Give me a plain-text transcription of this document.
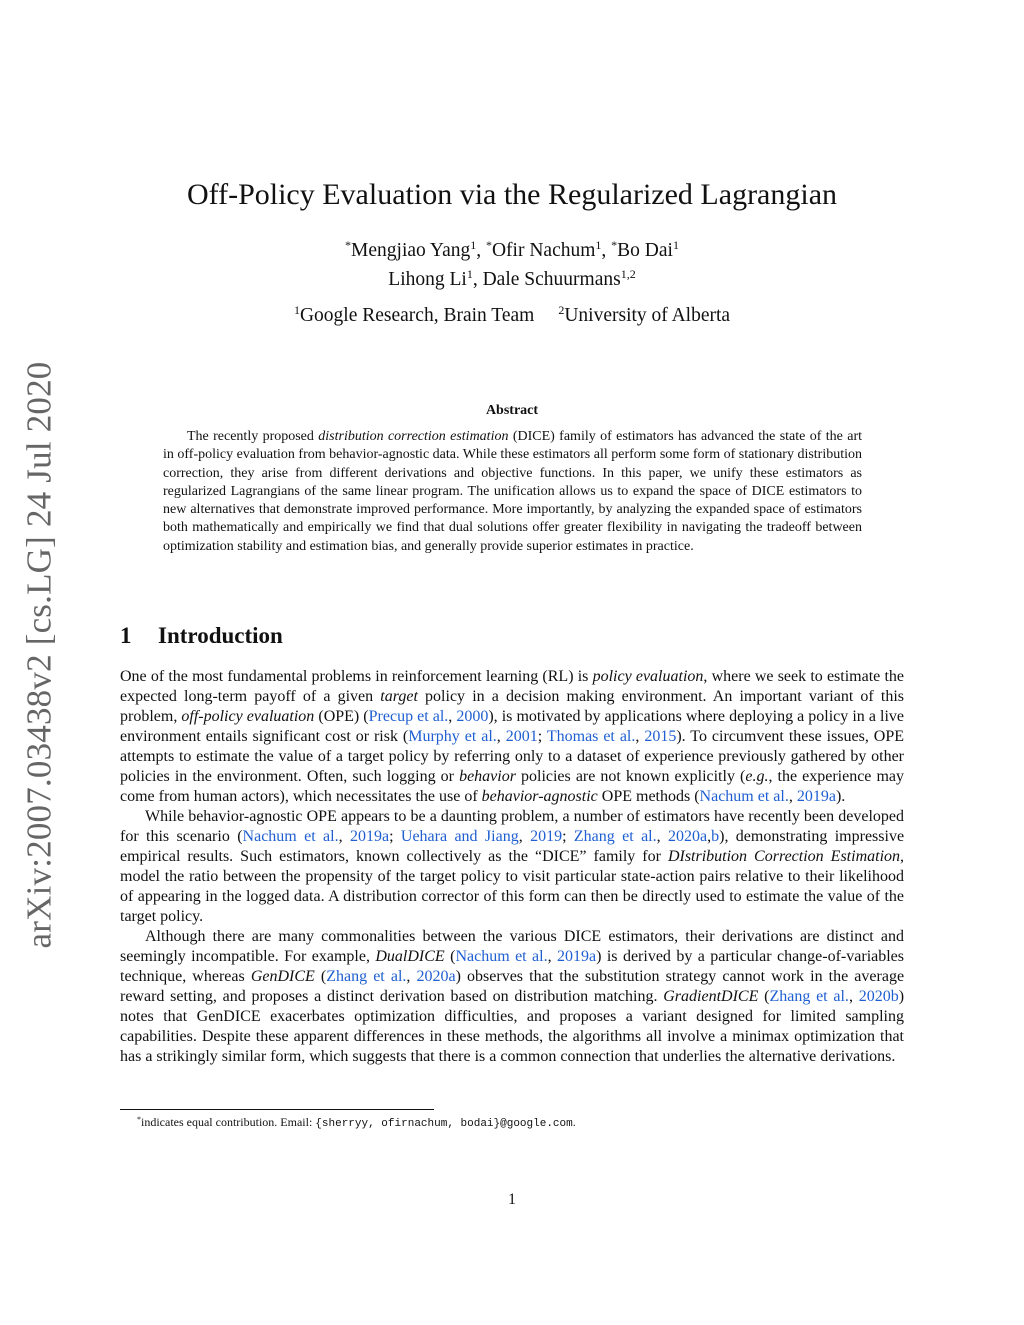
arXiv:2007.03438v2 [cs.LG] 24 Jul 2020
Off-Policy Evaluation via the Regularized Lagrangian
*Mengjiao Yang$^1$, *Ofir Nachum$^1$, *Bo Dai$^1$
Lihong Li$^1$, Dale Schuurmans$^{1,2}$
$^1$Google Research, Brain Team $^2$University of Alberta
Abstract

The recently proposed distribution correction estimation (DICE) family of estimators has advanced the state of the art in off-policy evaluation from behavior-agnostic data. While these estimators all perform some form of stationary distribution correction, they arise from different derivations and objective functions. In this paper, we unify these estimators as regularized Lagrangians of the same linear program. The unification allows us to expand the space of DICE estimators to new alternatives that demonstrate improved performance. More importantly, by analyzing the expanded space of estimators both mathematically and empirically we find that dual solutions offer greater flexibility in navigating the tradeoff between optimization stability and estimation bias, and generally provide superior estimates in practice.

1 Introduction

One of the most fundamental problems in reinforcement learning (RL) is policy evaluation, where we seek to estimate the expected long-term payoff of a given target policy in a decision making environment. An important variant of this problem, off-policy evaluation (OPE) (Precup et al., 2000), is motivated by applications where deploying a policy in a live environment entails significant cost or risk (Murphy et al., 2001; Thomas et al., 2015). To circumvent these issues, OPE attempts to estimate the value of a target policy by referring only to a dataset of experience previously gathered by other policies in the environment. Often, such logging or behavior policies are not known explicitly (e.g., the experience may come from human actors), which necessitates the use of behavior-agnostic OPE methods (Nachum et al., 2019a).

While behavior-agnostic OPE appears to be a daunting problem, a number of estimators have recently been developed for this scenario (Nachum et al., 2019a; Uehara and Jiang, 2019; Zhang et al., 2020a,b), demonstrating impressive empirical results. Such estimators, known collectively as the “DICE” family for DIstribution Correction Estimation, model the ratio between the propensity of the target policy to visit particular state-action pairs relative to their likelihood of appearing in the logged data. A distribution corrector of this form can then be directly used to estimate the value of the target policy.

Although there are many commonalities between the various DICE estimators, their derivations are distinct and seemingly incompatible. For example, DualDICE (Nachum et al., 2019a) is derived by a particular change-of-variables technique, whereas GenDICE (Zhang et al., 2020a) observes that the substitution strategy cannot work in the average reward setting, and proposes a distinct derivation based on distribution matching. GradientDICE (Zhang et al., 2020b) notes that GenDICE exacerbates optimization difficulties, and proposes a variant designed for limited sampling capabilities. Despite these apparent differences in these methods, the algorithms all involve a minimax optimization that has a strikingly similar form, which suggests that there is a common connection that underlies the alternative derivations.

*indicates equal contribution. Email: {sherryy, ofirnachum, bodai}@google.com.
1
